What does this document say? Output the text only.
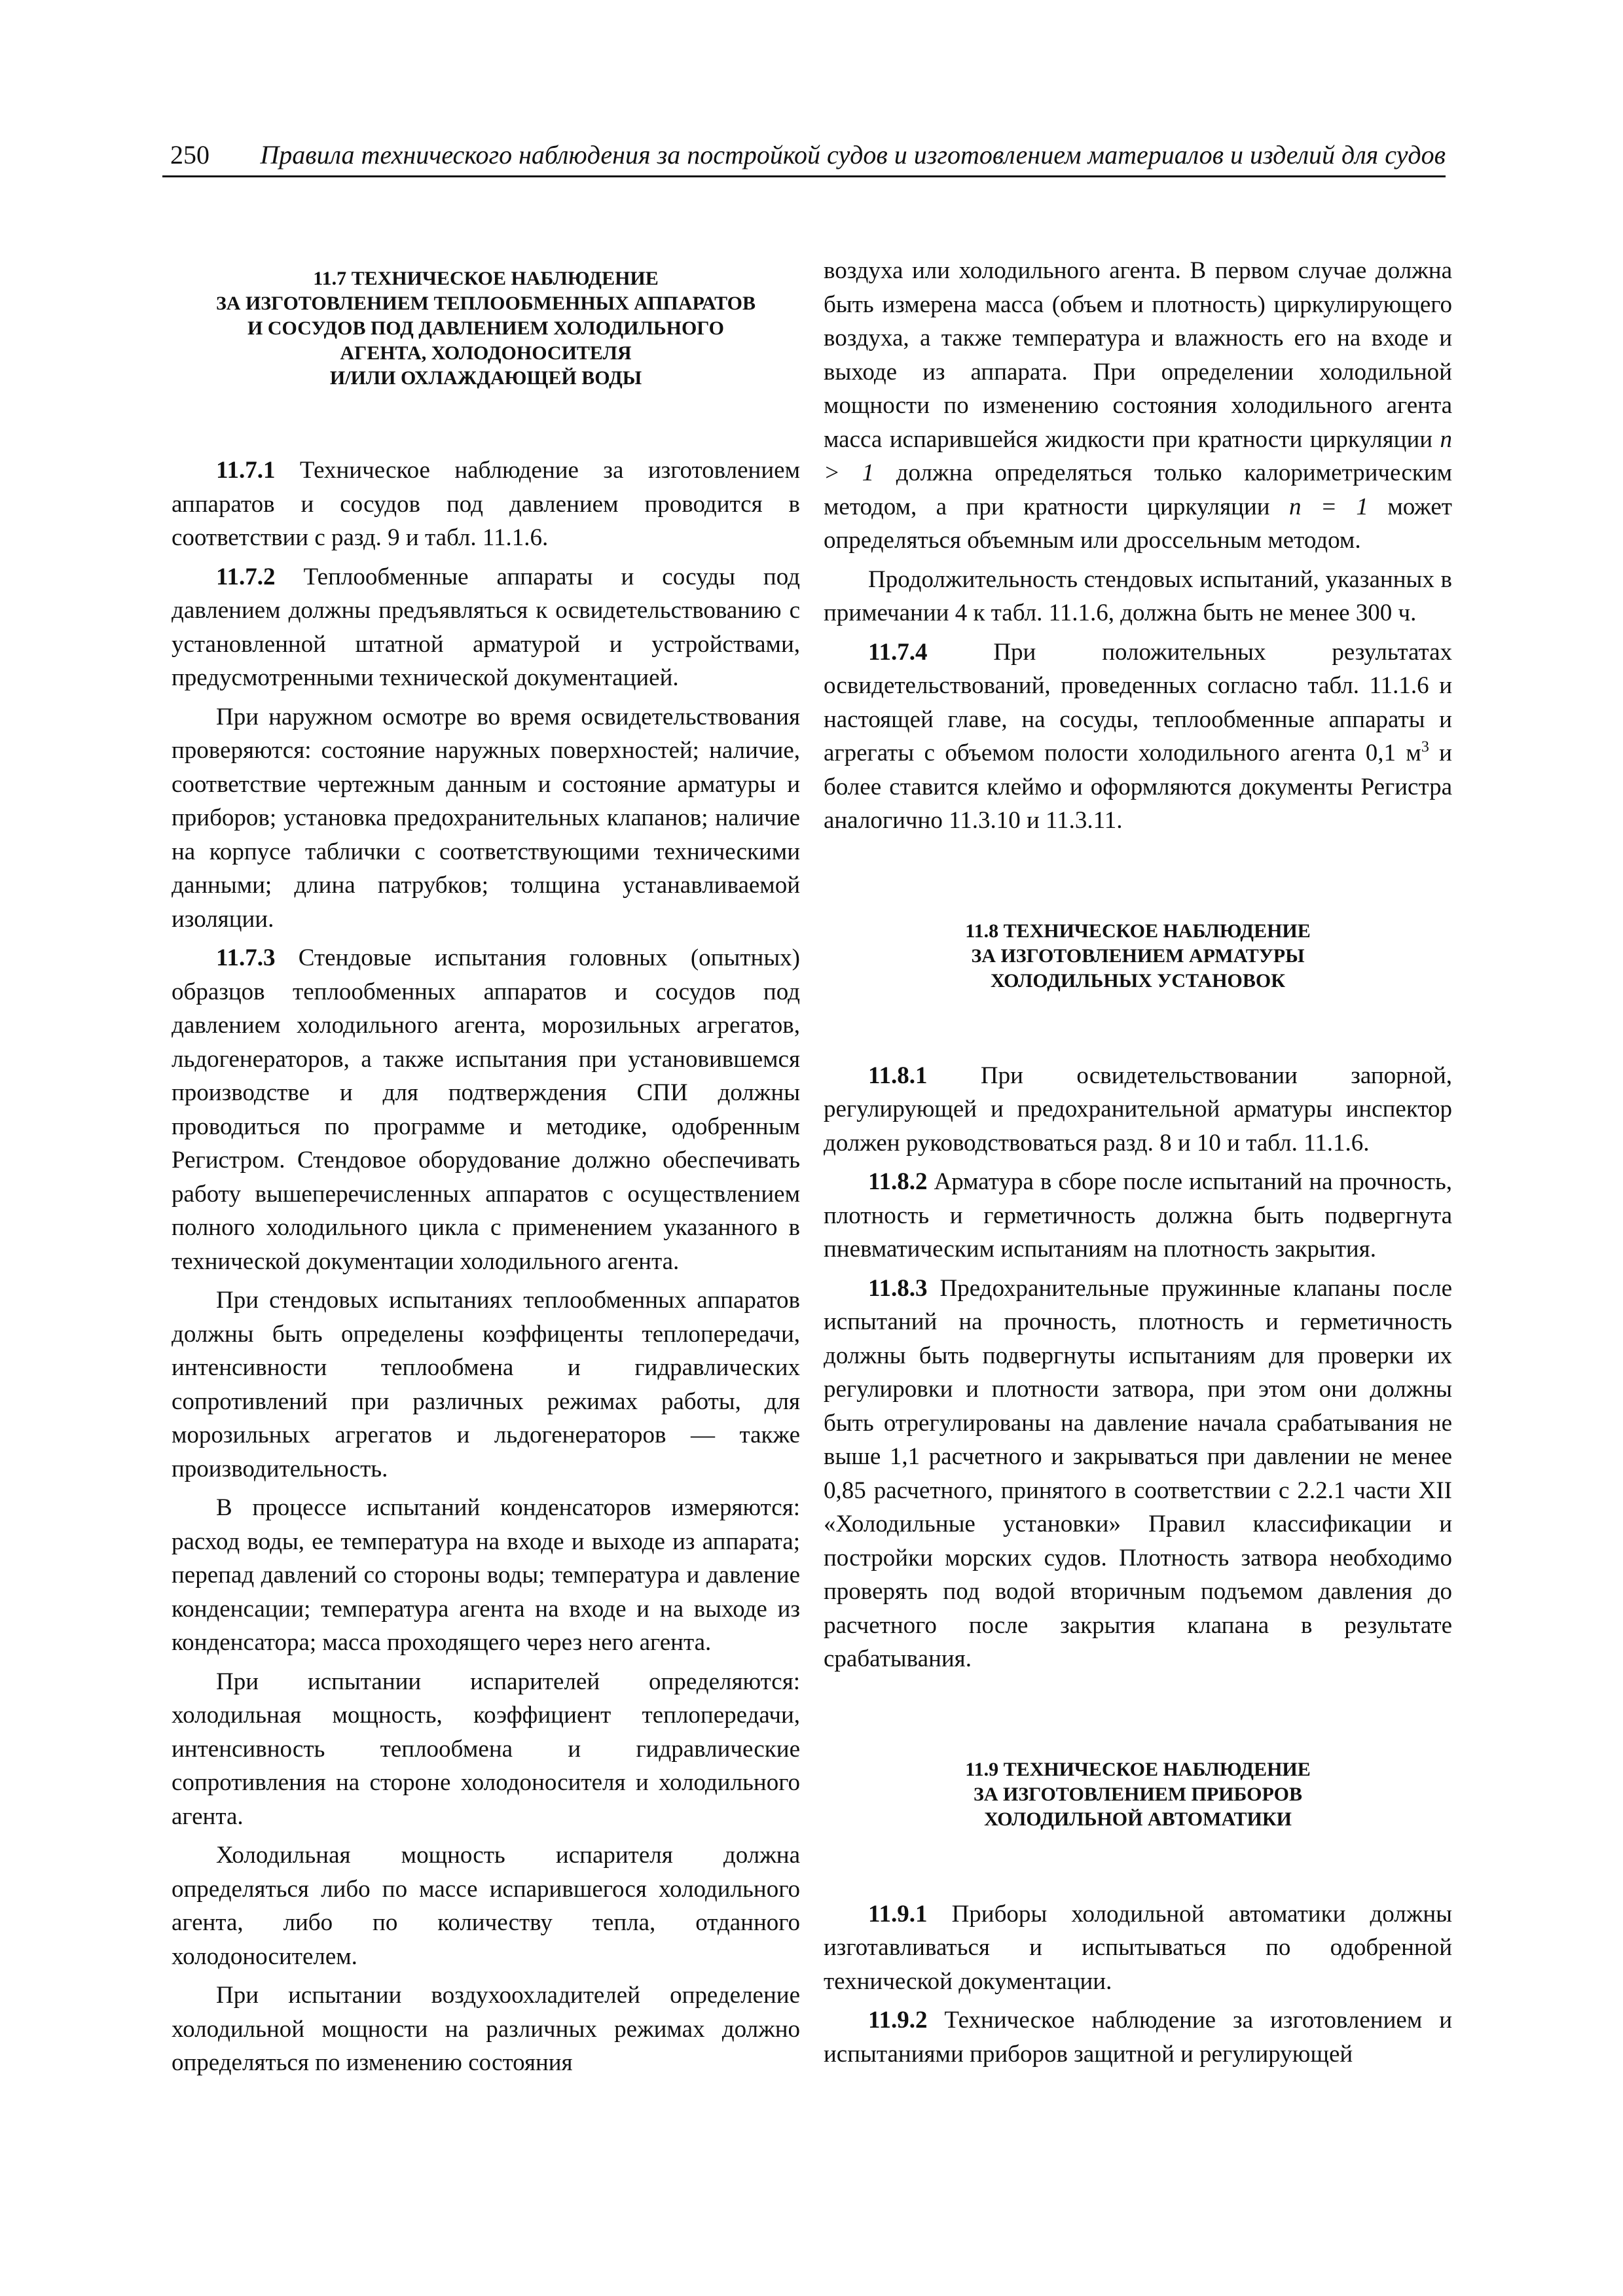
250 Правила технического наблюдения за постройкой судов и изготовлением материалов и изделий для судов
11.7 ТЕХНИЧЕСКОЕ НАБЛЮДЕНИЕ
ЗА ИЗГОТОВЛЕНИЕМ ТЕПЛООБМЕННЫХ АППАРАТОВ
И СОСУДОВ ПОД ДАВЛЕНИЕМ ХОЛОДИЛЬНОГО
АГЕНТА, ХОЛОДОНОСИТЕЛЯ
И/ИЛИ ОХЛАЖДАЮЩЕЙ ВОДЫ

11.7.1 Техническое наблюдение за изготовлением аппаратов и сосудов под давлением проводится в соответствии с разд. 9 и табл. 11.1.6.

11.7.2 Теплообменные аппараты и сосуды под давлением должны предъявляться к освидетельствованию с установленной штатной арматурой и устройствами, предусмотренными технической документацией.

При наружном осмотре во время освидетельствования проверяются: состояние наружных поверхностей; наличие, соответствие чертежным данным и состояние арматуры и приборов; установка предохранительных клапанов; наличие на корпусе таблички с соответствующими техническими данными; длина патрубков; толщина устанавливаемой изоляции.

11.7.3 Стендовые испытания головных (опытных) образцов теплообменных аппаратов и сосудов под давлением холодильного агента, морозильных агрегатов, льдогенераторов, а также испытания при установившемся производстве и для подтверждения СПИ должны проводиться по программе и методике, одобренным Регистром. Стендовое оборудование должно обеспечивать работу вышеперечисленных аппаратов с осуществлением полного холодильного цикла с применением указанного в технической документации холодильного агента.

При стендовых испытаниях теплообменных аппаратов должны быть определены коэффиценты теплопередачи, интенсивности теплообмена и гидравлических сопротивлений при различных режимах работы, для морозильных агрегатов и льдогенераторов — также производительность.

В процессе испытаний конденсаторов измеряются: расход воды, ее температура на входе и выходе из аппарата; перепад давлений со стороны воды; температура и давление конденсации; температура агента на входе и на выходе из конденсатора; масса проходящего через него агента.

При испытании испарителей определяются: холодильная мощность, коэффициент теплопередачи, интенсивность теплообмена и гидравлические сопротивления на стороне холодоносителя и холодильного агента.

Холодильная мощность испарителя должна определяться либо по массе испарившегося холодильного агента, либо по количеству тепла, отданного холодоносителем.

При испытании воздухоохладителей определение холодильной мощности на различных режимах должно определяться по изменению состояния

воздуха или холодильного агента. В первом случае должна быть измерена масса (объем и плотность) циркулирующего воздуха, а также температура и влажность его на входе и выходе из аппарата. При определении холодильной мощности по изменению состояния холодильного агента масса испарившейся жидкости при кратности циркуляции n > 1 должна определяться только калориметрическим методом, а при кратности циркуляции n = 1 может определяться объемным или дроссельным методом.

Продолжительность стендовых испытаний, указанных в примечании 4 к табл. 11.1.6, должна быть не менее 300 ч.

11.7.4 При положительных результатах освидетельствований, проведенных согласно табл. 11.1.6 и настоящей главе, на сосуды, теплообменные аппараты и агрегаты с объемом полости холодильного агента 0,1 $м^3$ и более ставится клеймо и оформляются документы Регистра аналогично 11.3.10 и 11.3.11.

11.8 ТЕХНИЧЕСКОЕ НАБЛЮДЕНИЕ
ЗА ИЗГОТОВЛЕНИЕМ АРМАТУРЫ
ХОЛОДИЛЬНЫХ УСТАНОВОК

11.8.1 При освидетельствовании запорной, регулирующей и предохранительной арматуры инспектор должен руководствоваться разд. 8 и 10 и табл. 11.1.6.

11.8.2 Арматура в сборе после испытаний на прочность, плотность и герметичность должна быть подвергнута пневматическим испытаниям на плотность закрытия.

11.8.3 Предохранительные пружинные клапаны после испытаний на прочность, плотность и герметичность должны быть подвергнуты испытаниям для проверки их регулировки и плотности затвора, при этом они должны быть отрегулированы на давление начала срабатывания не выше 1,1 расчетного и закрываться при давлении не менее 0,85 расчетного, принятого в соответствии с 2.2.1 части XII «Холодильные установки» Правил классификации и постройки морских судов. Плотность затвора необходимо проверять под водой вторичным подъемом давления до расчетного после закрытия клапана в результате срабатывания.

11.9 ТЕХНИЧЕСКОЕ НАБЛЮДЕНИЕ
ЗА ИЗГОТОВЛЕНИЕМ ПРИБОРОВ
ХОЛОДИЛЬНОЙ АВТОМАТИКИ

11.9.1 Приборы холодильной автоматики должны изготавливаться и испытываться по одобренной технической документации.

11.9.2 Техническое наблюдение за изготовлением и испытаниями приборов защитной и регулирующей
